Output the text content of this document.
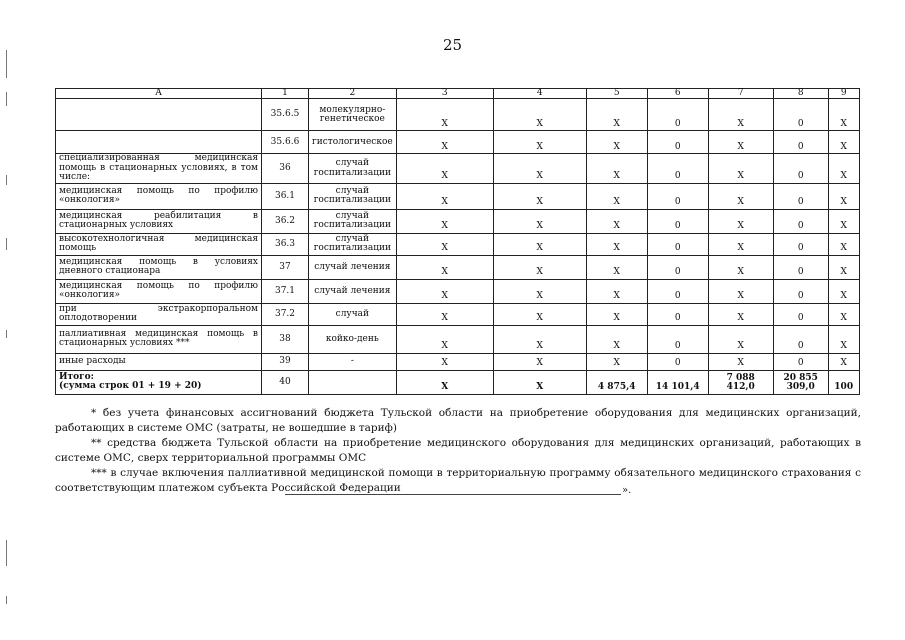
25
А	1	2	3	4	5	6	7	8	9
	35.6.5	молекулярно-генетическое	Х	Х	Х	0	Х	0	Х
	35.6.6	гистологическое	Х	Х	Х	0	Х	0	Х
специализированная медицинская помощь в стационарных условиях, в том числе:	36	случай госпитализации	Х	Х	Х	0	Х	0	Х
медицинская помощь по профилю «онкология»	36.1	случай госпитализации	Х	Х	Х	0	Х	0	Х
медицинская реабилитация в стационарных условиях	36.2	случай госпитализации	Х	Х	Х	0	Х	0	Х
высокотехнологичная медицинская помощь	36.3	случай госпитализации	Х	Х	Х	0	Х	0	Х
медицинская помощь в условиях дневного стационара	37	случай лечения	Х	Х	Х	0	Х	0	Х
медицинская помощь по профилю «онкология»	37.1	случай лечения	Х	Х	Х	0	Х	0	Х
при экстракорпоральном оплодотворении	37.2	случай	Х	Х	Х	0	Х	0	Х
паллиативная медицинская помощь в стационарных условиях ***	38	койко-день	Х	Х	Х	0	Х	0	Х
иные расходы	39	-	Х	Х	Х	0	Х	0	Х

Итого:
(сумма строк 01 + 19 + 20)	40		Х	Х	4 875,4	14 101,4	7 088 412,0	20 855 309,0	100

* без учета финансовых ассигнований бюджета Тульской области на приобретение оборудования для медицинских организаций, работающих в системе ОМС (затраты, не вошедшие в тариф)

** средства бюджета Тульской области на приобретение медицинского оборудования для медицинских организаций, работающих в системе ОМС, сверх территориальной программы ОМС

*** в случае включения паллиативной медицинской помощи в территориальную программу обязательного медицинского страхования с соответствующим платежом субъекта Российской Федерации	».
